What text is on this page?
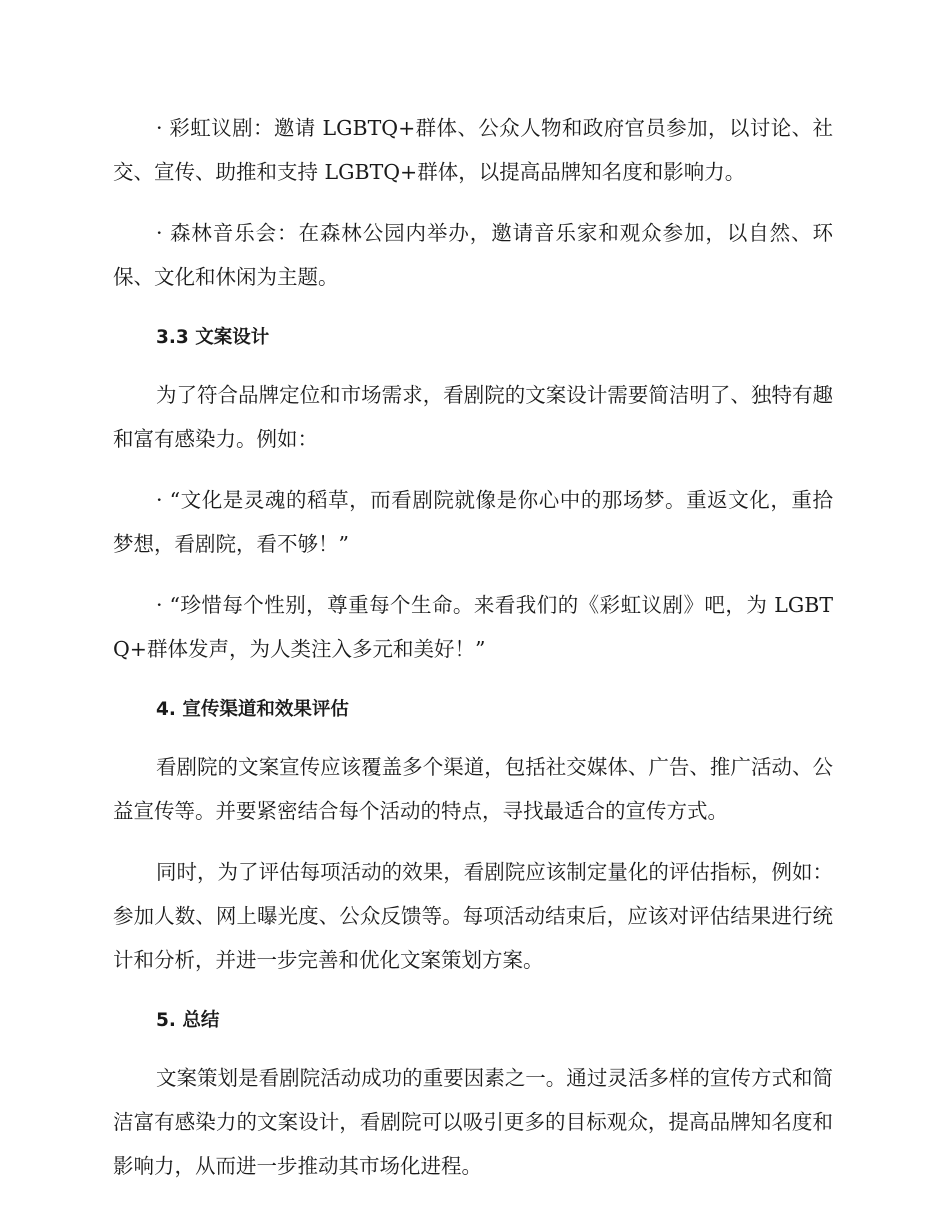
· 彩虹议剧：邀请 LGBTQ+群体、公众人物和政府官员参加，以讨论、社交、宣传、助推和支持 LGBTQ+群体，以提高品牌知名度和影响力。

· 森林音乐会：在森林公园内举办，邀请音乐家和观众参加，以自然、环保、文化和休闲为主题。

3.3 文案设计

为了符合品牌定位和市场需求，看剧院的文案设计需要简洁明了、独特有趣和富有感染力。例如：

· “文化是灵魂的稻草，而看剧院就像是你心中的那场梦。重返文化，重拾梦想，看剧院，看不够！”

· “珍惜每个性别，尊重每个生命。来看我们的《彩虹议剧》吧，为 LGBTQ+群体发声，为人类注入多元和美好！”

4. 宣传渠道和效果评估

看剧院的文案宣传应该覆盖多个渠道，包括社交媒体、广告、推广活动、公益宣传等。并要紧密结合每个活动的特点，寻找最适合的宣传方式。

同时，为了评估每项活动的效果，看剧院应该制定量化的评估指标，例如：参加人数、网上曝光度、公众反馈等。每项活动结束后，应该对评估结果进行统计和分析，并进一步完善和优化文案策划方案。

5. 总结

文案策划是看剧院活动成功的重要因素之一。通过灵活多样的宣传方式和简洁富有感染力的文案设计，看剧院可以吸引更多的目标观众，提高品牌知名度和影响力，从而进一步推动其市场化进程。
